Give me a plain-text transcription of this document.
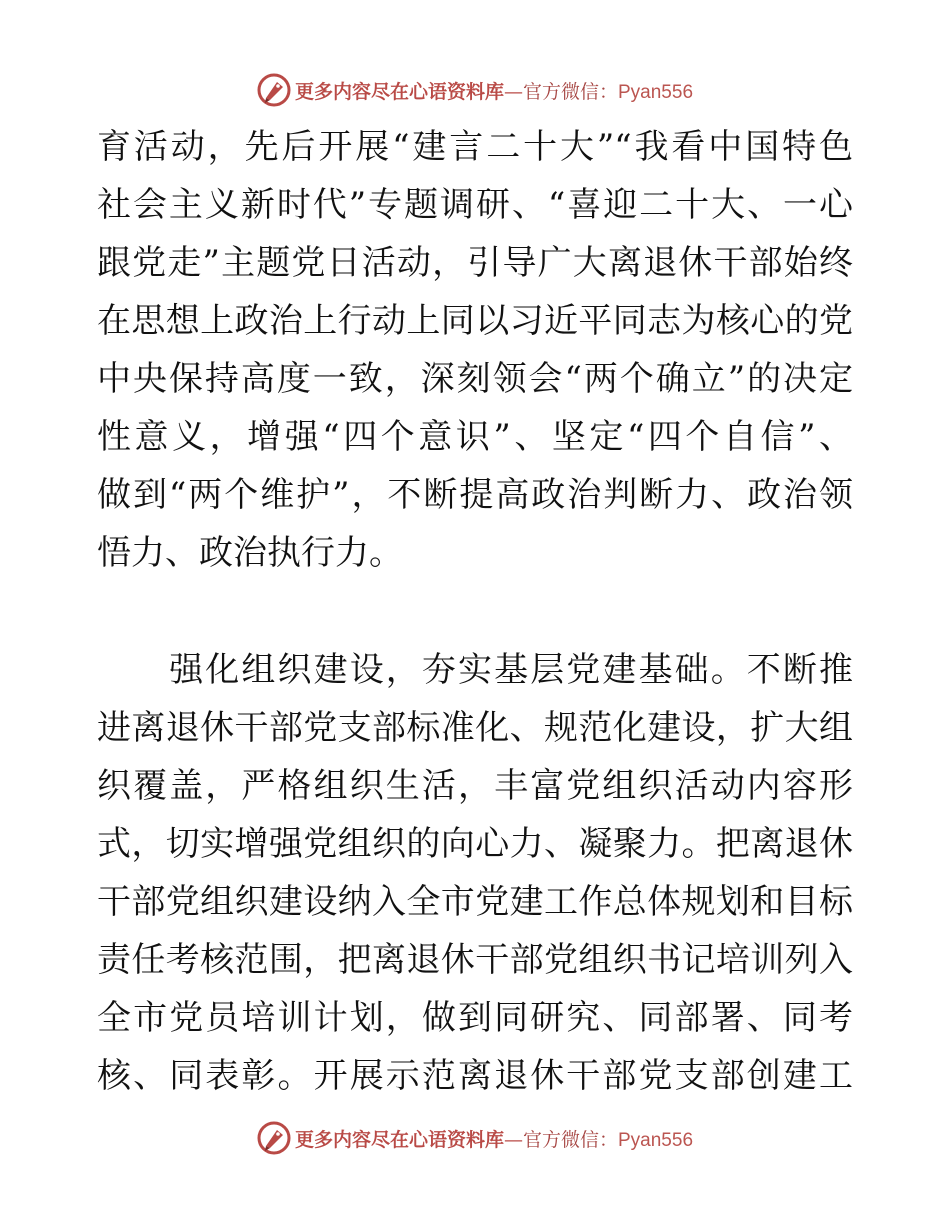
更多内容尽在心语资料库 — 官方微信： Pyan556
育活动，先后开展“建言二十大”“我看中国特色
社会主义新时代”专题调研、“喜迎二十大、一心
跟党走”主题党日活动，引导广大离退休干部始终
在思想上政治上行动上同以习近平同志为核心的党
中央保持高度一致，深刻领会“两个确立”的决定
性意义，增强“四个意识”、坚定“四个自信”、
做到“两个维护”，不断提高政治判断力、政治领
悟力、政治执行力。
　　强化组织建设，夯实基层党建基础。不断推
进离退休干部党支部标准化、规范化建设，扩大组
织覆盖，严格组织生活，丰富党组织活动内容形
式，切实增强党组织的向心力、凝聚力。把离退休
干部党组织建设纳入全市党建工作总体规划和目标
责任考核范围，把离退休干部党组织书记培训列入
全市党员培训计划，做到同研究、同部署、同考
核、同表彰。开展示范离退休干部党支部创建工
更多内容尽在心语资料库 — 官方微信： Pyan556
